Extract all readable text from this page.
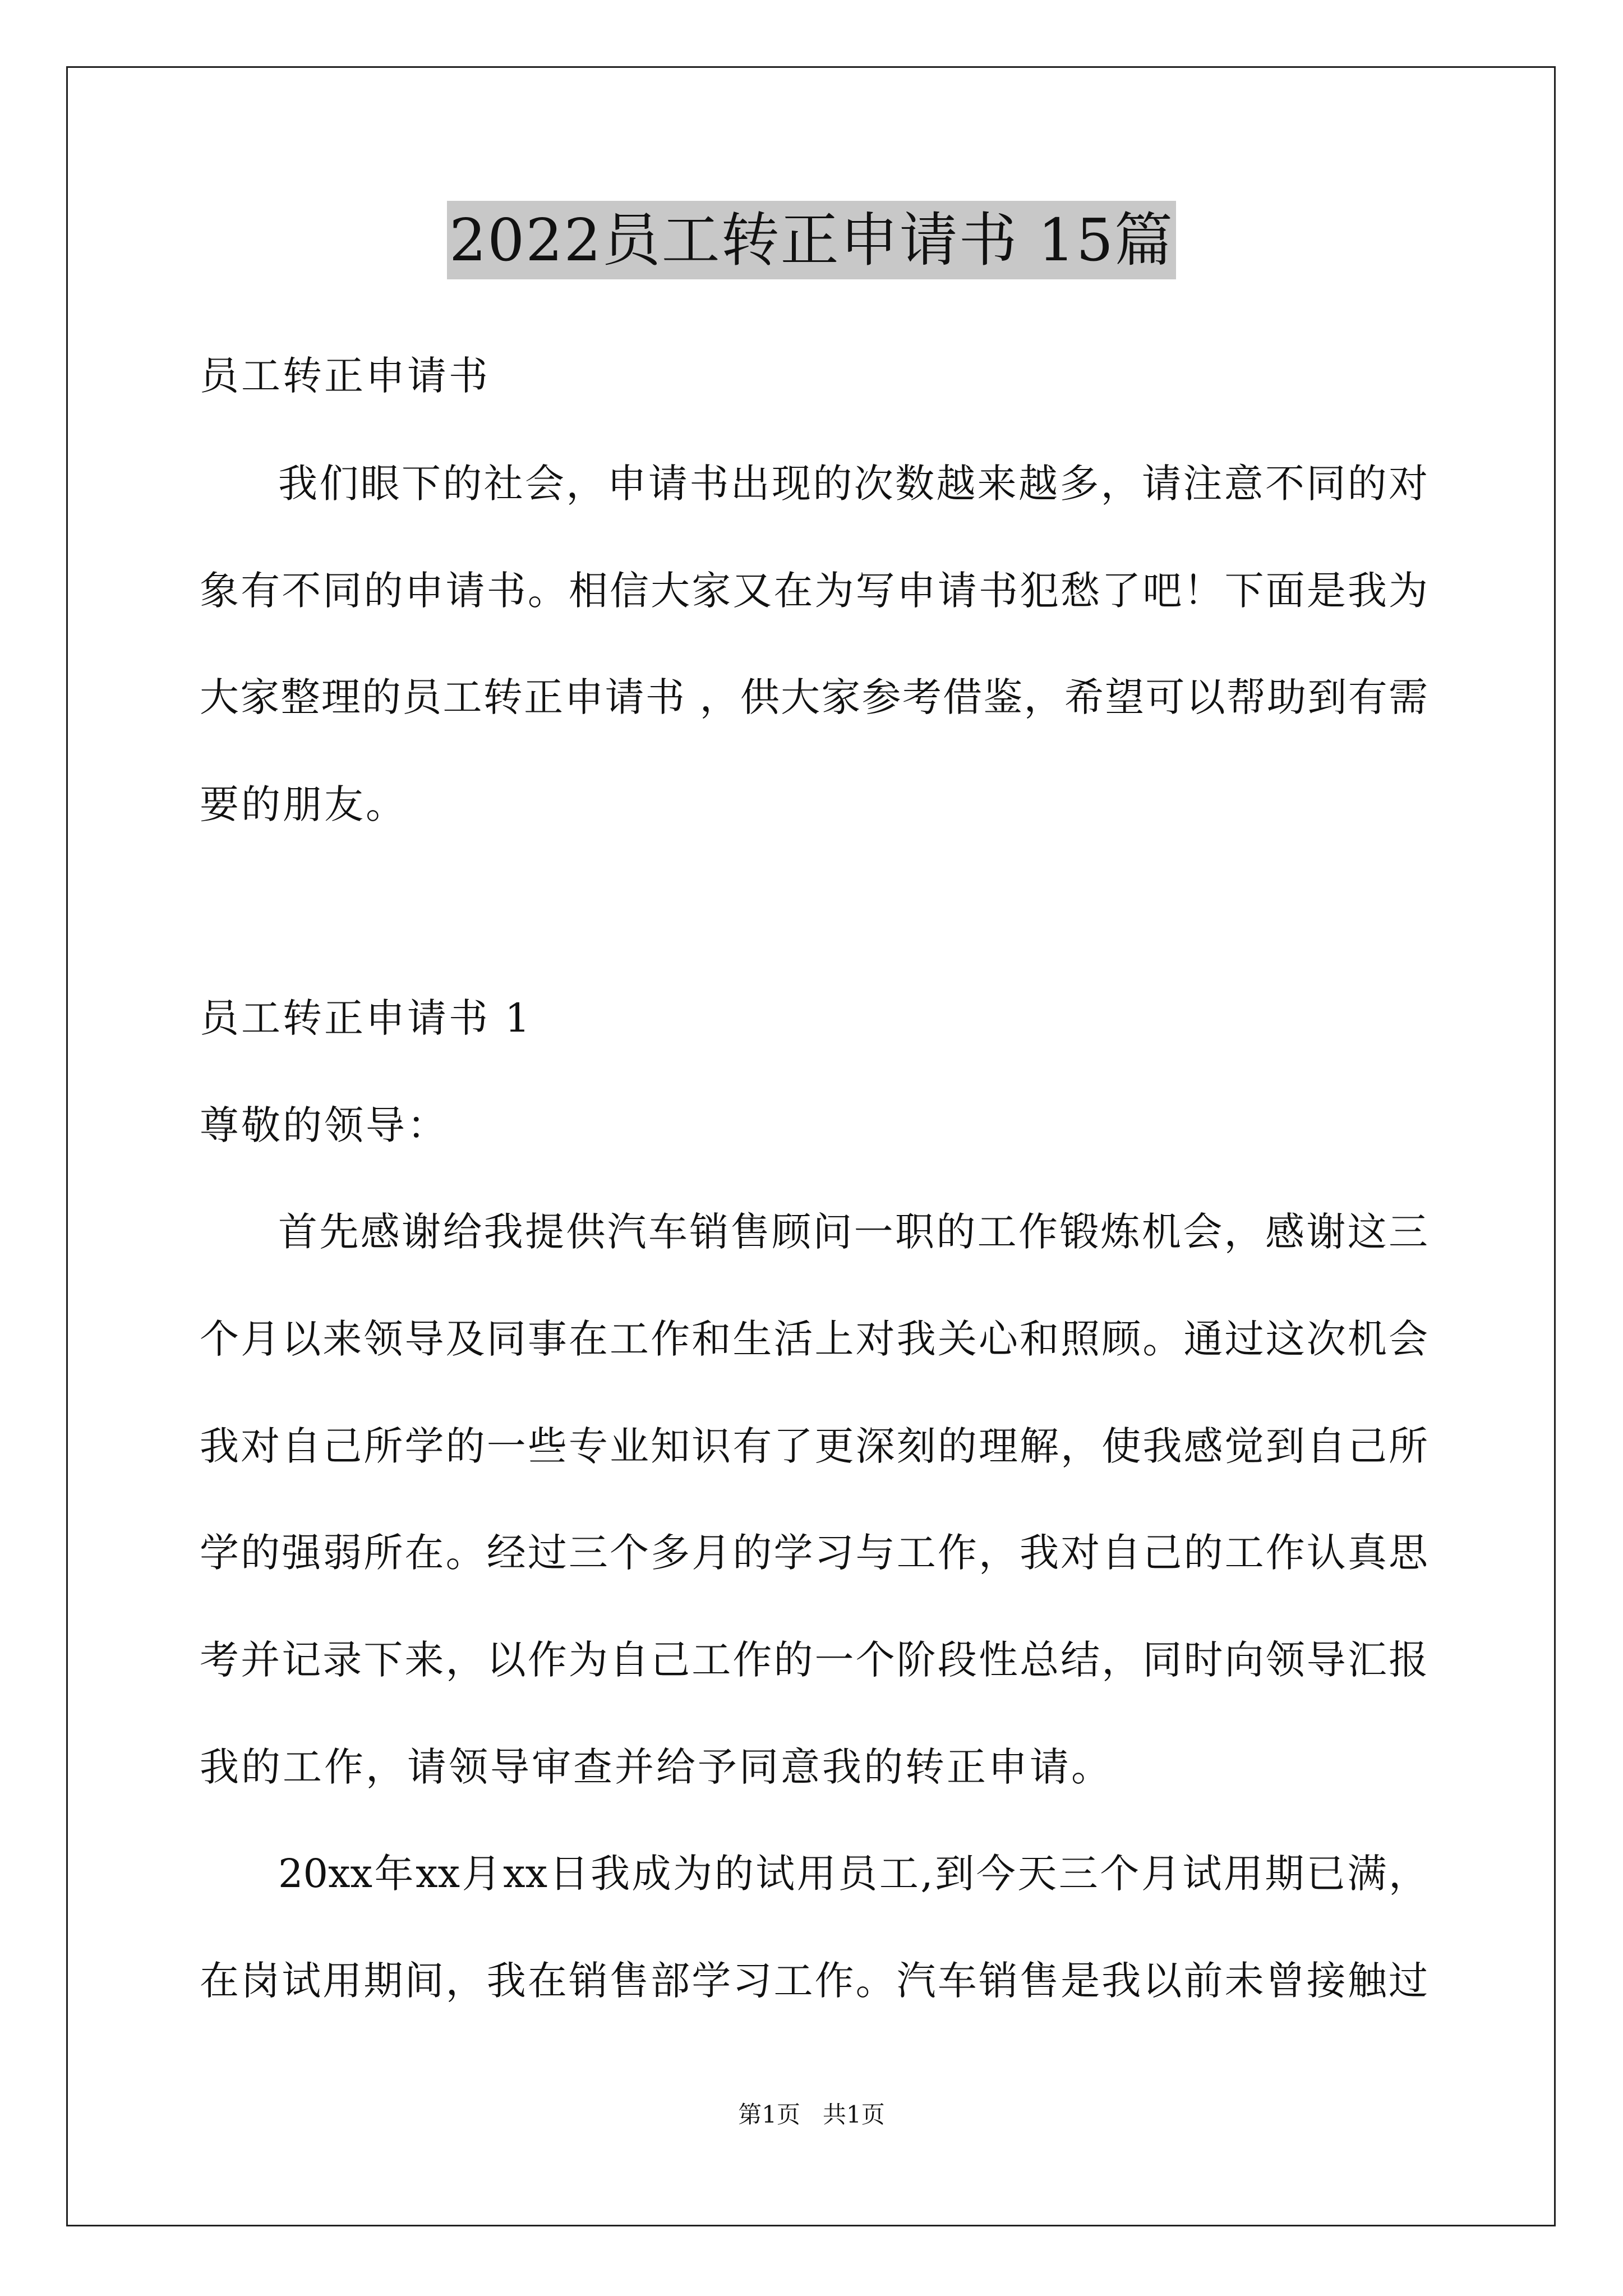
2022员工转正申请书 15篇
员工转正申请书
我们眼下的社会，申请书出现的次数越来越多，请注意不同的对
象有不同的申请书。相信大家又在为写申请书犯愁了吧！下面是我为
大家整理的员工转正申请书 ，供大家参考借鉴，希望可以帮助到有需
要的朋友。
员工转正申请书 1
尊敬的领导：
首先感谢给我提供汽车销售顾问一职的工作锻炼机会，感谢这三
个月以来领导及同事在工作和生活上对我关心和照顾。通过这次机会
我对自己所学的一些专业知识有了更深刻的理解，使我感觉到自己所
学的强弱所在。经过三个多月的学习与工作，我对自己的工作认真思
考并记录下来，以作为自己工作的一个阶段性总结，同时向领导汇报
我的工作，请领导审查并给予同意我的转正申请。
20xx年xx月xx日我成为的试用员工,到今天三个月试用期已满，
在岗试用期间，我在销售部学习工作。汽车销售是我以前未曾接触过
第1页   共1页
